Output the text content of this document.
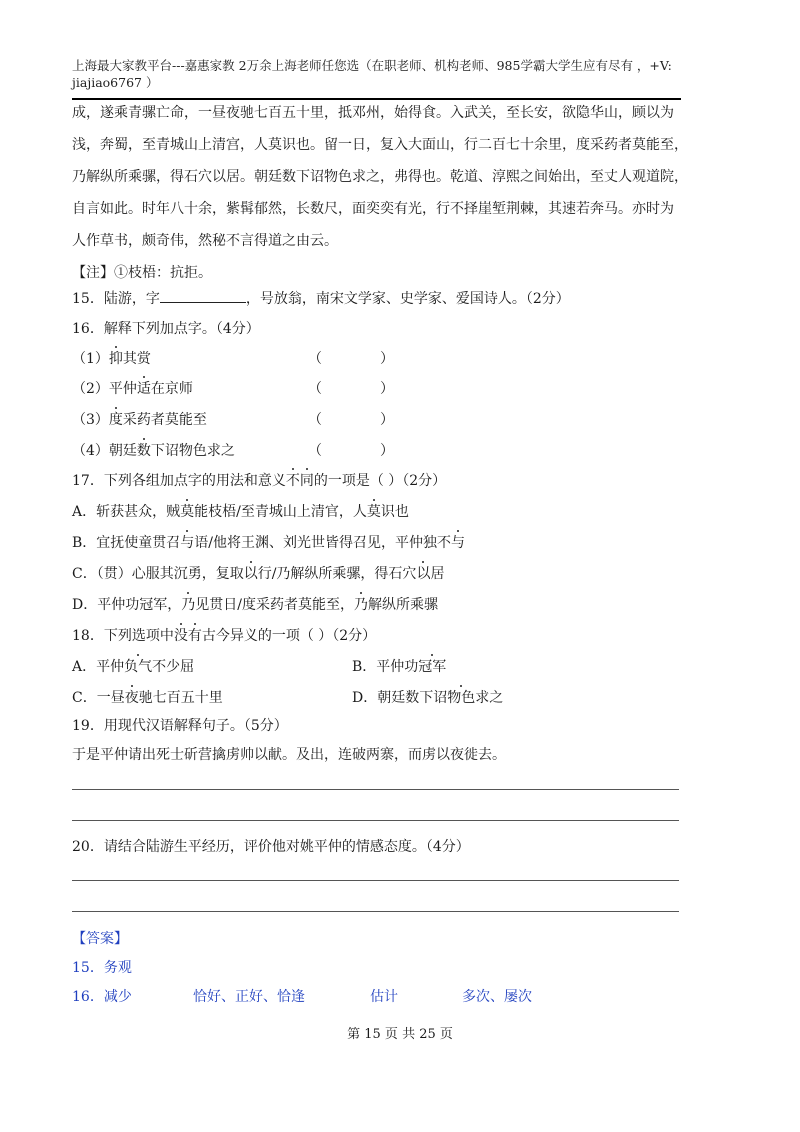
上海最大家教平台---嘉惠家教 2万余上海老师任您选（在职老师、机构老师、985学霸大学生应有尽有 ，+V: jiajiao6767 ）
成，遂乘青骡亡命，一昼夜驰七百五十里，抵邓州，始得食。入武关，至长安，欲隐华山，顾以为
浅，奔蜀，至青城山上清宫，人莫识也。留一日，复入大面山，行二百七十余里，度采药者莫能至，
乃解纵所乘骡，得石穴以居。朝廷数下诏物色求之，弗得也。乾道、淳熙之间始出，至丈人观道院，
自言如此。时年八十余，紫髯郁然，长数尺，面奕奕有光，行不择崖堑荆棘，其速若奔马。亦时为
人作草书，颇奇伟，然秘不言得道之由云。
【注】①枝梧：抗拒。
15．陆游，字	，号放翁，南宋文学家、史学家、爱国诗人。（2分）
16．解释下列加点字。（4分）
（1）抑其赏	（	）
（2）平仲适在京师	（	）
（3）度采药者莫能至	（	）
（4）朝廷数下诏物色求之	（	）
17．下列各组加点字的用法和意义不同的一项是（ ）（2分）
A．斩获甚众，贼莫能枝梧/至青城山上清官，人莫识也
B．宜抚使童贯召与语/他将王渊、刘光世皆得召见，平仲独不与
C．（贯）心服其沉勇，复取以行/乃解纵所乘骡，得石穴以居
D．平仲功冠军，乃见贯日/度采药者莫能至，乃解纵所乘骡
18．下列选项中没有古今异义的一项（ ）（2分）
A．平仲负气不少屈	B．平仲功冠军
C．一昼夜驰七百五十里	D．朝廷数下诏物色求之
19．用现代汉语解释句子。（5分）
于是平仲请出死士斫营擒虏帅以献。及出，连破两寨，而虏以夜徙去。
20．请结合陆游生平经历，评价他对姚平仲的情感态度。（4分）
【答案】
15．务观
16．减少	恰好、正好、恰逢	估计	多次、屡次
第 15 页 共 25 页
